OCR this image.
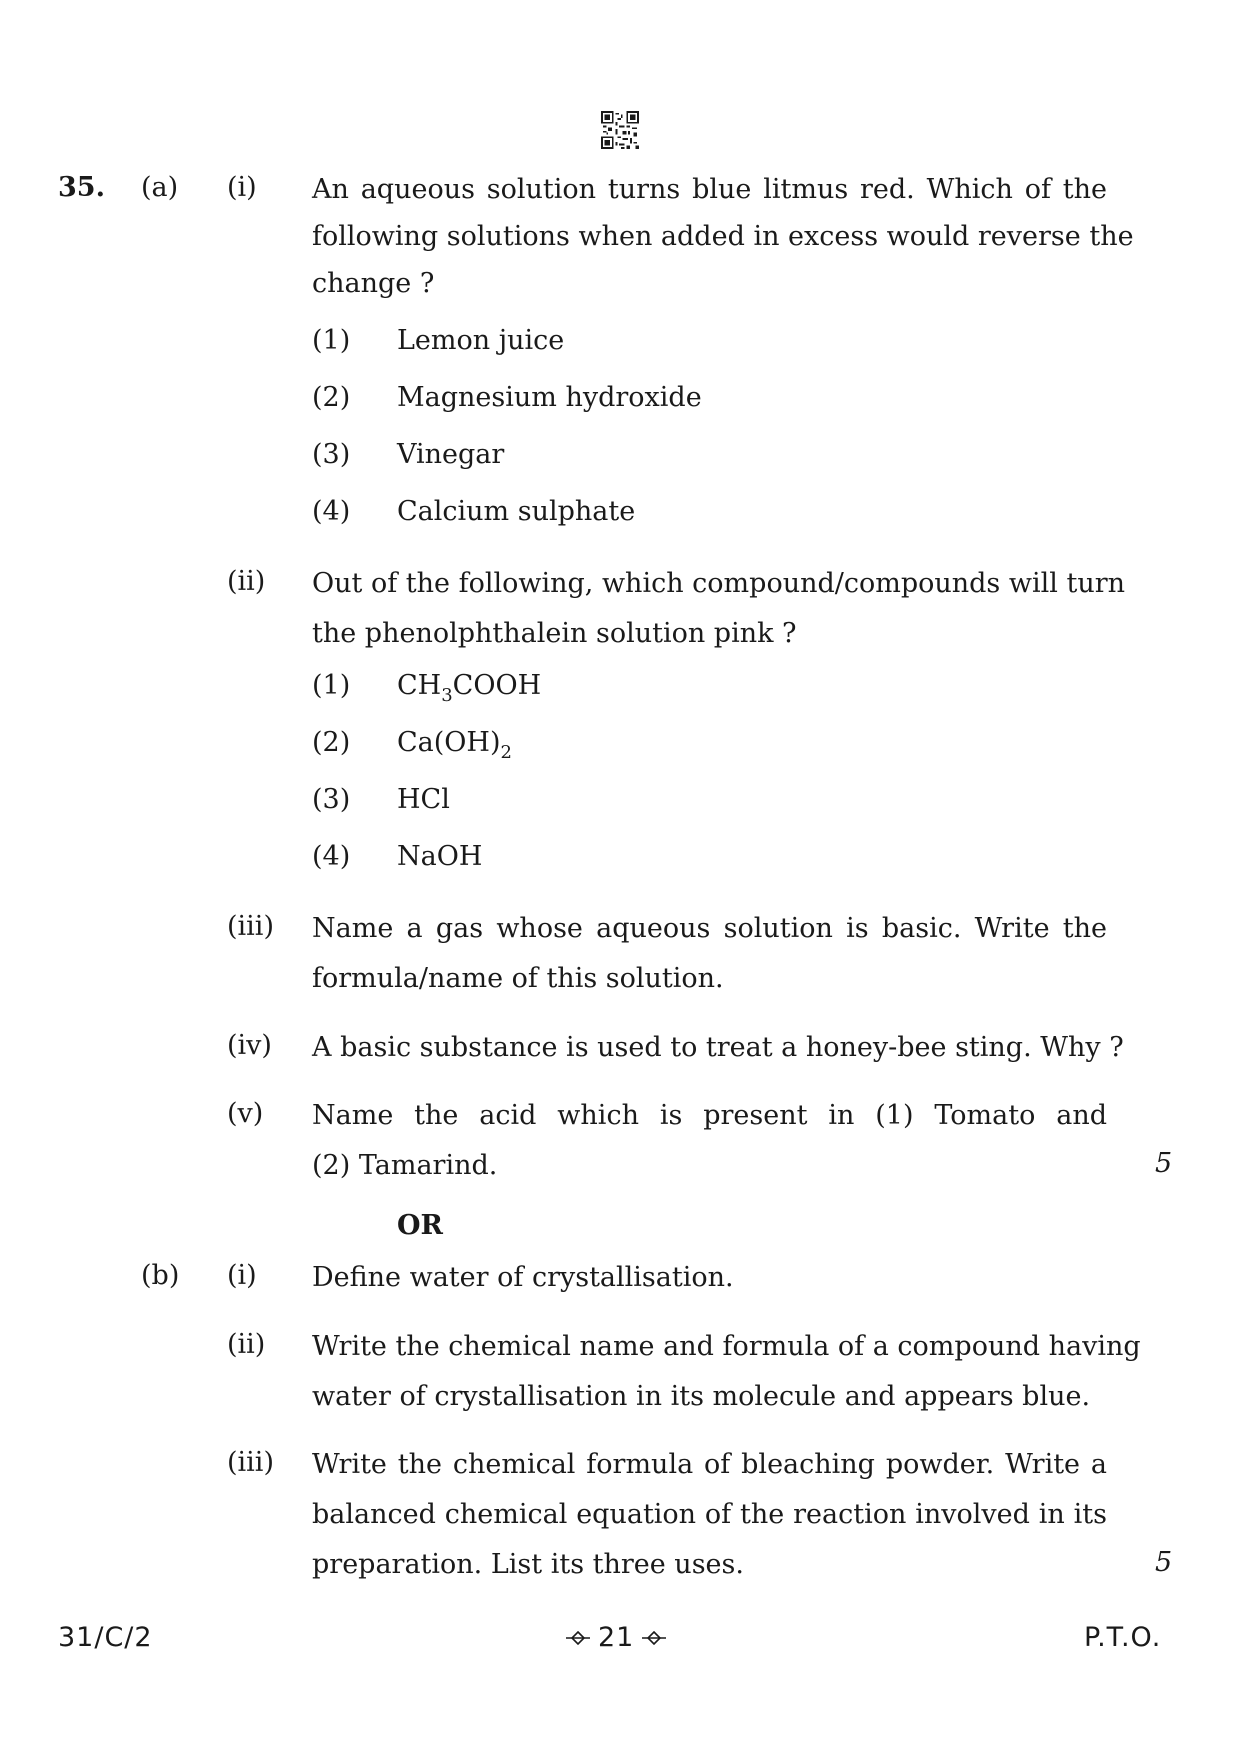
35. (a) (i) An aqueous solution turns blue litmus red. Which of the
following solutions when added in excess would reverse the
change ?
(1) Lemon juice
(2) Magnesium hydroxide
(3) Vinegar
(4) Calcium sulphate
(ii) Out of the following, which compound/compounds will turn
the phenolphthalein solution pink ?
(1) $CH_3COOH$
(2) $Ca(OH)_2$
(3) HCl
(4) NaOH
(iii) Name a gas whose aqueous solution is basic. Write the
formula/name of this solution.
(iv) A basic substance is used to treat a honey-bee sting. Why ?
(v) Name the acid which is present in (1) Tomato and
(2) Tamarind.	5
OR
(b) (i) Define water of crystallisation.
(ii) Write the chemical name and formula of a compound having
water of crystallisation in its molecule and appears blue.
(iii) Write the chemical formula of bleaching powder. Write a
balanced chemical equation of the reaction involved in its
preparation. List its three uses.	5
31/C/2	21	P.T.O.
